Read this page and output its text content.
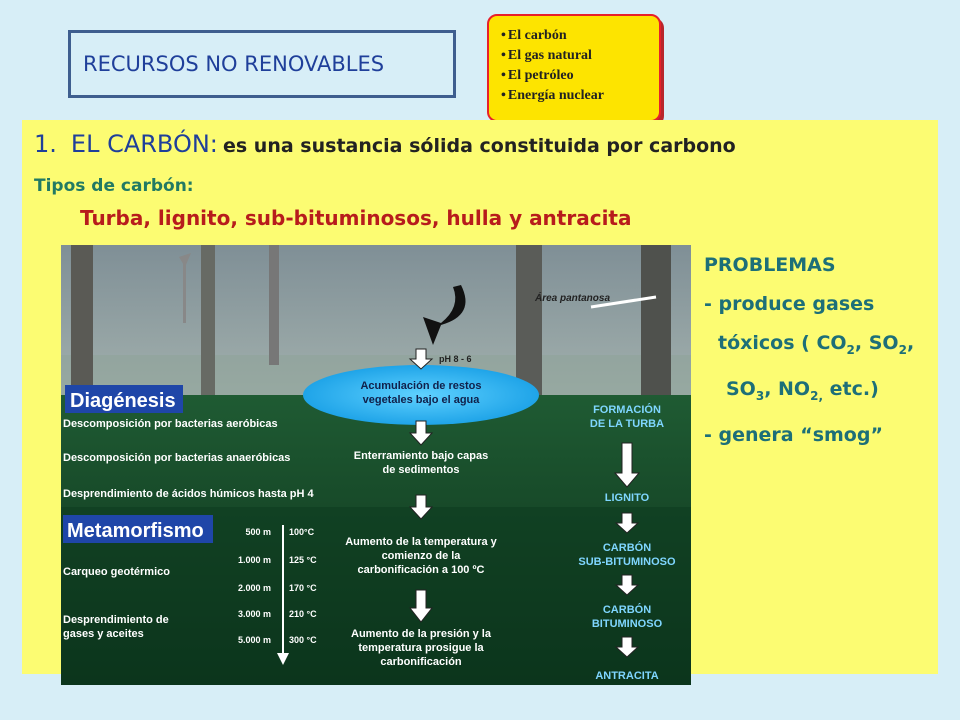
RECURSOS NO RENOVABLES
• El carbón
• El gas natural
• El petróleo
• Energía nuclear
1. EL CARBÓN: es una sustancia sólida constituida por carbono
Tipos de carbón:
Turba, lignito, sub-bituminosos, hulla y antracita
PROBLEMAS
- produce gases
tóxicos ( $CO_2$, $SO_2$,
$SO_3$, $NO_{2,}$ etc.)
- genera “smog”
Área pantanosa
pH 8 - 6
Acumulación de restos
vegetales bajo el agua
Diagénesis
Descomposición por bacterias aeróbicas
Descomposición por bacterias anaeróbicas
Desprendimiento de ácidos húmicos hasta pH 4
Enterramiento bajo capas
de sedimentos
Metamorfismo	500 m 100°C
1.000 m 125 °C
2.000 m 170 °C
3.000 m 210 °C
5.000 m 300 °C
Carqueo geotérmico
Desprendimiento de
gases y aceites
Aumento de la temperatura y
comienzo de la
carbonificación a 100 ºC
Aumento de la presión y la
temperatura prosigue la
carbonificación
FORMACIÓN
DE LA TURBA
LIGNITO
CARBÓN
SUB-BITUMINOSO
CARBÓN
BITUMINOSO
ANTRACITA
